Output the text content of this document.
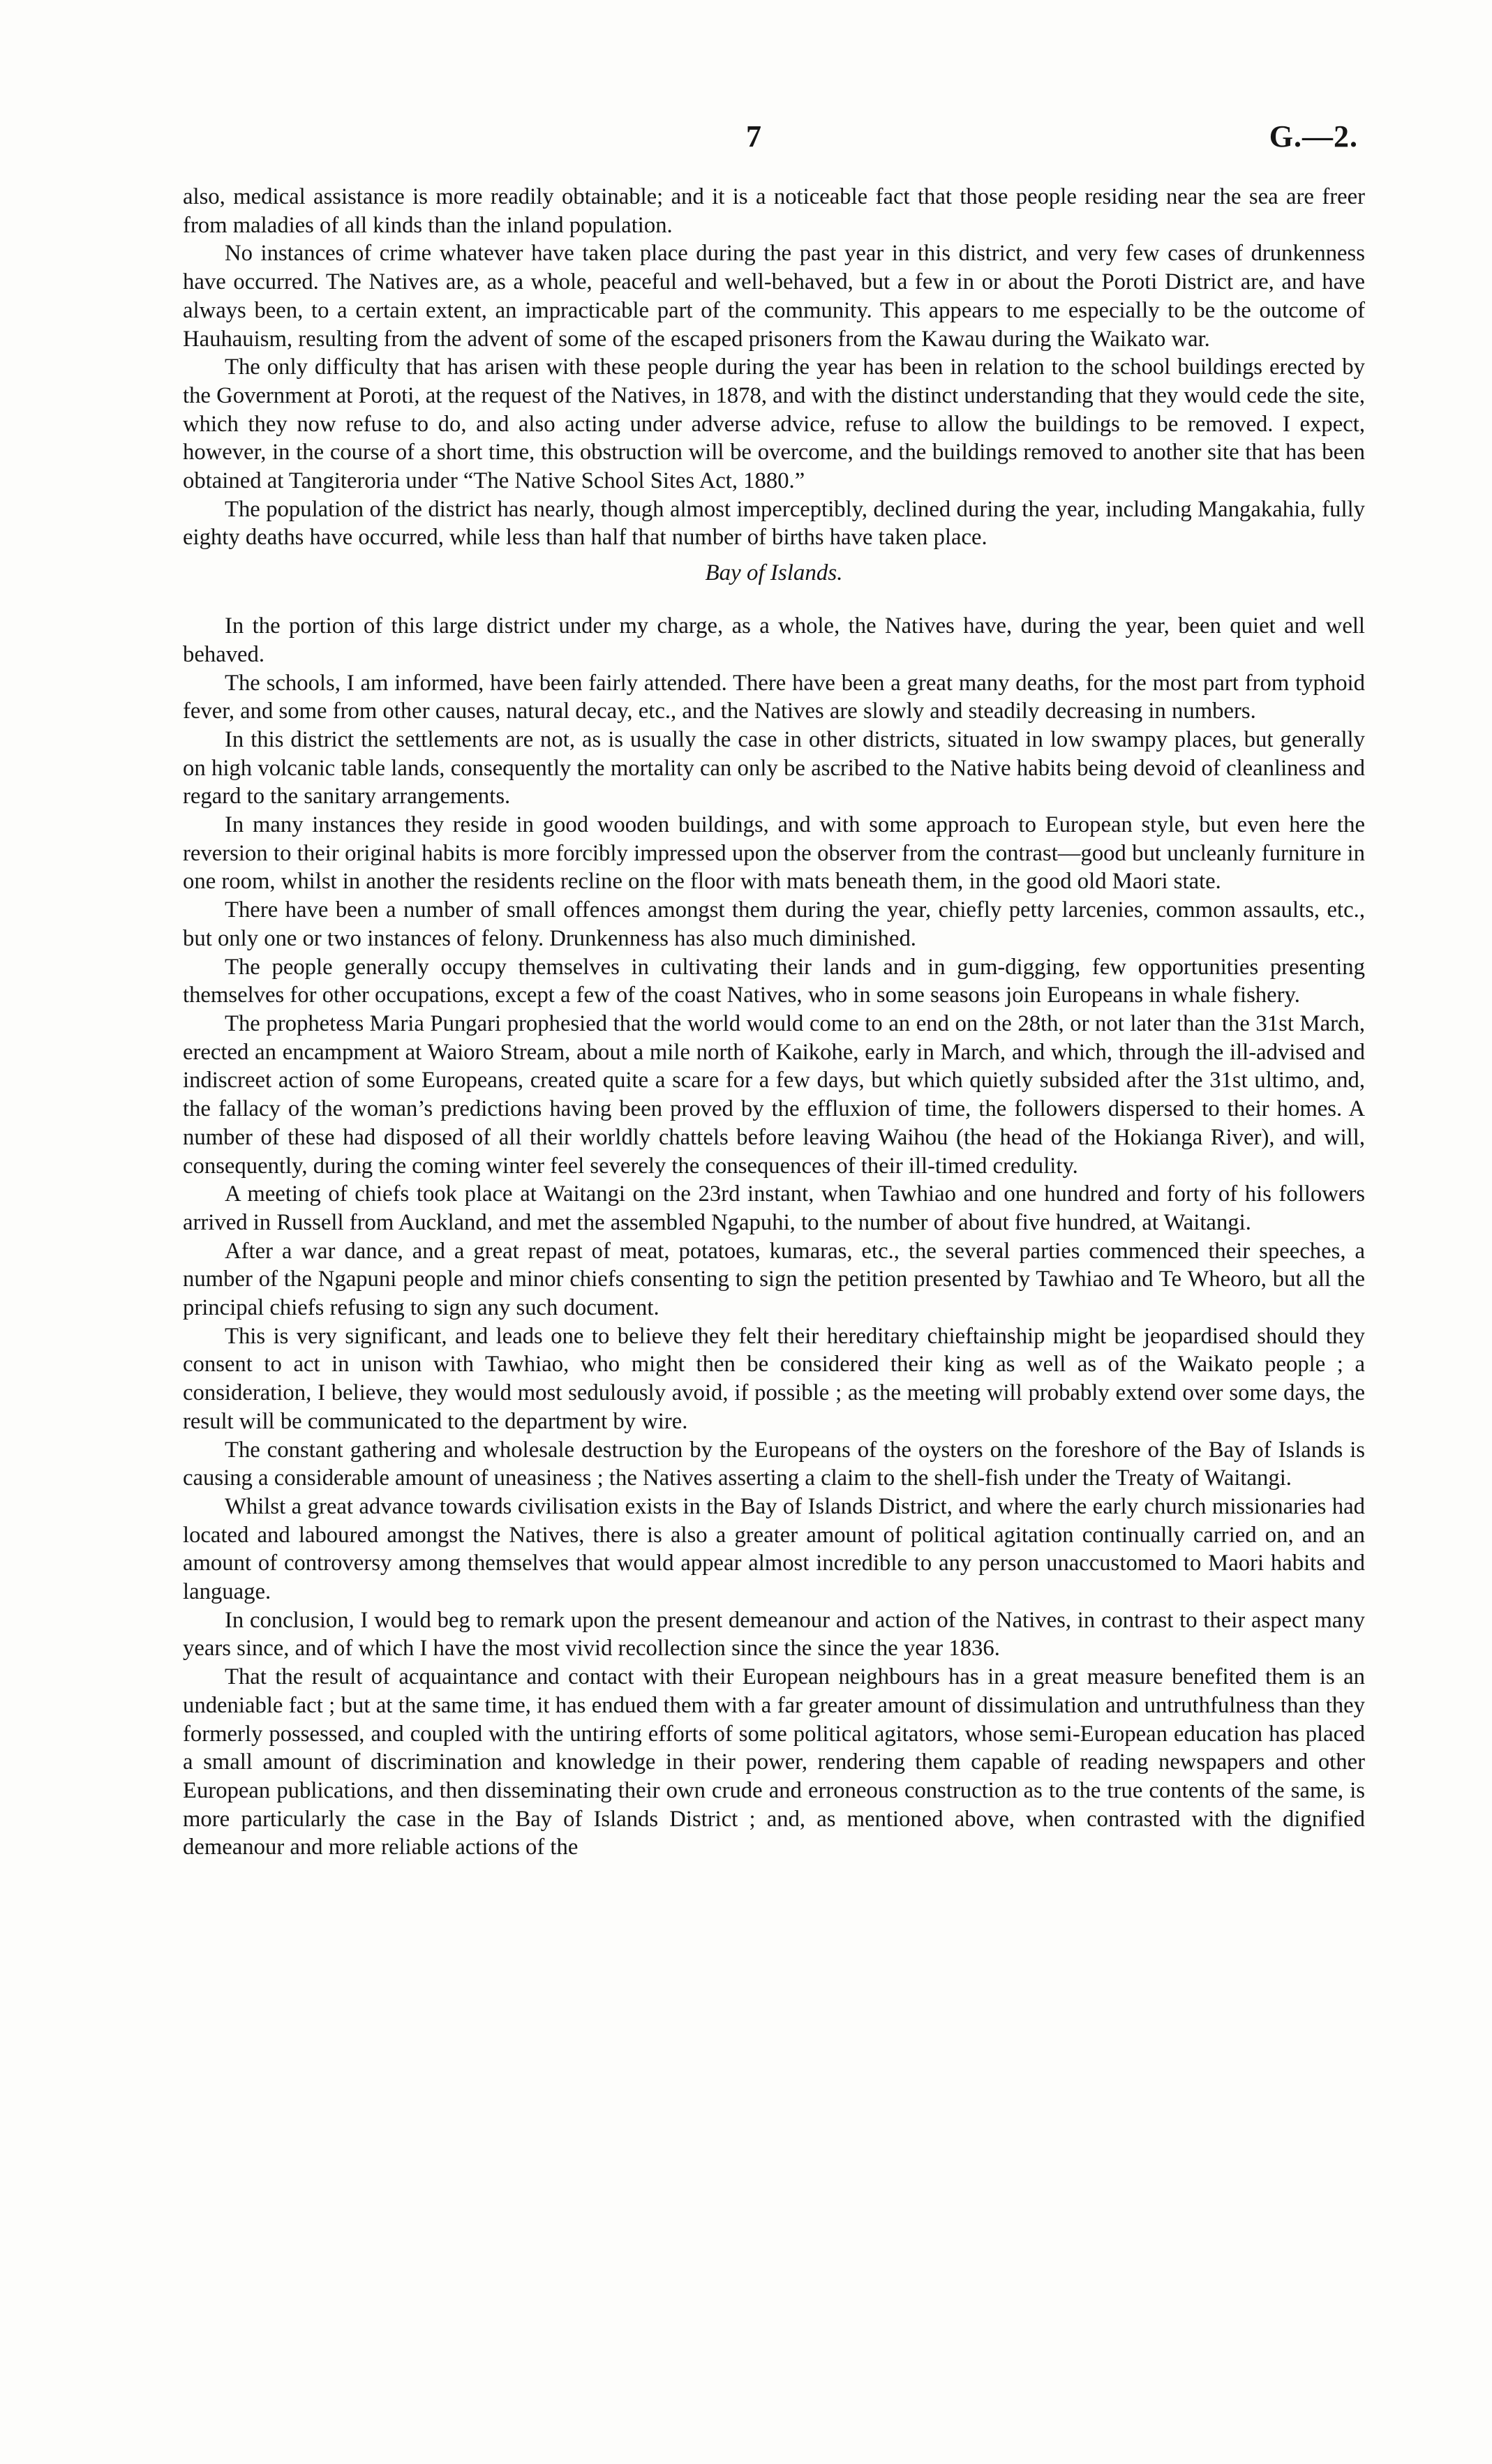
7	G.—2.

also, medical assistance is more readily obtainable; and it is a noticeable fact that those people residing near the sea are freer from maladies of all kinds than the inland population.

No instances of crime whatever have taken place during the past year in this district, and very few cases of drunkenness have occurred. The Natives are, as a whole, peaceful and well-behaved, but a few in or about the Poroti District are, and have always been, to a certain extent, an impracticable part of the community. This appears to me especially to be the outcome of Hauhauism, resulting from the advent of some of the escaped prisoners from the Kawau during the Waikato war.

The only difficulty that has arisen with these people during the year has been in relation to the school buildings erected by the Government at Poroti, at the request of the Natives, in 1878, and with the distinct understanding that they would cede the site, which they now refuse to do, and also acting under adverse advice, refuse to allow the buildings to be removed. I expect, however, in the course of a short time, this obstruction will be overcome, and the buildings removed to another site that has been obtained at Tangiteroria under “The Native School Sites Act, 1880.”

The population of the district has nearly, though almost imperceptibly, declined during the year, including Mangakahia, fully eighty deaths have occurred, while less than half that number of births have taken place.

Bay of Islands.

In the portion of this large district under my charge, as a whole, the Natives have, during the year, been quiet and well behaved.

The schools, I am informed, have been fairly attended. There have been a great many deaths, for the most part from typhoid fever, and some from other causes, natural decay, etc., and the Natives are slowly and steadily decreasing in numbers.

In this district the settlements are not, as is usually the case in other districts, situated in low swampy places, but generally on high volcanic table lands, consequently the mortality can only be ascribed to the Native habits being devoid of cleanliness and regard to the sanitary arrangements.

In many instances they reside in good wooden buildings, and with some approach to European style, but even here the reversion to their original habits is more forcibly impressed upon the observer from the contrast—good but uncleanly furniture in one room, whilst in another the residents recline on the floor with mats beneath them, in the good old Maori state.

There have been a number of small offences amongst them during the year, chiefly petty larcenies, common assaults, etc., but only one or two instances of felony. Drunkenness has also much diminished.

The people generally occupy themselves in cultivating their lands and in gum-digging, few opportunities presenting themselves for other occupations, except a few of the coast Natives, who in some seasons join Europeans in whale fishery.

The prophetess Maria Pungari prophesied that the world would come to an end on the 28th, or not later than the 31st March, erected an encampment at Waioro Stream, about a mile north of Kaikohe, early in March, and which, through the ill-advised and indiscreet action of some Europeans, created quite a scare for a few days, but which quietly subsided after the 31st ultimo, and, the fallacy of the woman’s predictions having been proved by the effluxion of time, the followers dispersed to their homes. A number of these had disposed of all their worldly chattels before leaving Waihou (the head of the Hokianga River), and will, consequently, during the coming winter feel severely the consequences of their ill-timed credulity.

A meeting of chiefs took place at Waitangi on the 23rd instant, when Tawhiao and one hundred and forty of his followers arrived in Russell from Auckland, and met the assembled Ngapuhi, to the number of about five hundred, at Waitangi.

After a war dance, and a great repast of meat, potatoes, kumaras, etc., the several parties commenced their speeches, a number of the Ngapuni people and minor chiefs consenting to sign the petition presented by Tawhiao and Te Wheoro, but all the principal chiefs refusing to sign any such document.

This is very significant, and leads one to believe they felt their hereditary chieftainship might be jeopardised should they consent to act in unison with Tawhiao, who might then be considered their king as well as of the Waikato people ; a consideration, I believe, they would most sedulously avoid, if possible ; as the meeting will probably extend over some days, the result will be communicated to the department by wire.

The constant gathering and wholesale destruction by the Europeans of the oysters on the foreshore of the Bay of Islands is causing a considerable amount of uneasiness ; the Natives asserting a claim to the shell-fish under the Treaty of Waitangi.

Whilst a great advance towards civilisation exists in the Bay of Islands District, and where the early church missionaries had located and laboured amongst the Natives, there is also a greater amount of political agitation continually carried on, and an amount of controversy among themselves that would appear almost incredible to any person unaccustomed to Maori habits and language.

In conclusion, I would beg to remark upon the present demeanour and action of the Natives, in contrast to their aspect many years since, and of which I have the most vivid recollection since the since the year 1836.

That the result of acquaintance and contact with their European neighbours has in a great measure benefited them is an undeniable fact ; but at the same time, it has endued them with a far greater amount of dissimulation and untruthfulness than they formerly possessed, and coupled with the untiring efforts of some political agitators, whose semi-European education has placed a small amount of discrimination and knowledge in their power, rendering them capable of reading newspapers and other European publications, and then disseminating their own crude and erroneous construction as to the true contents of the same, is more particularly the case in the Bay of Islands District ; and, as mentioned above, when contrasted with the dignified demeanour and more reliable actions of the
